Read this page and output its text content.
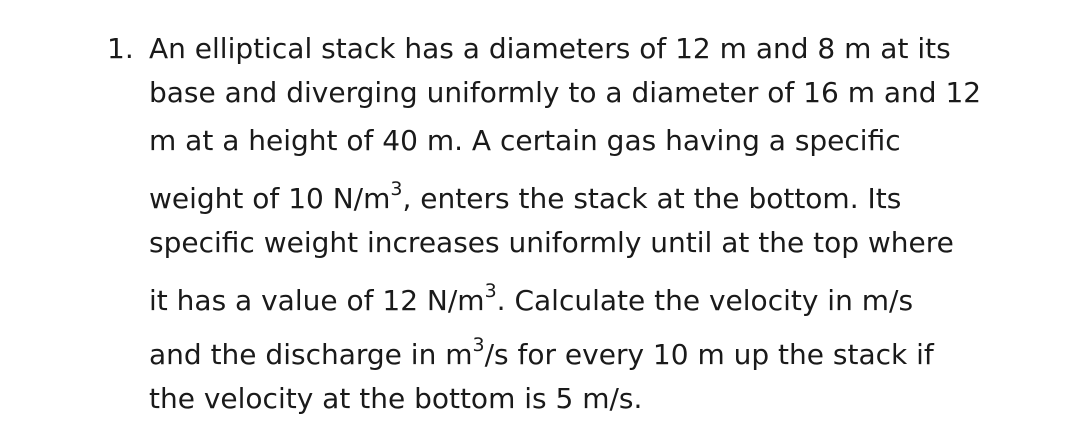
1. An elliptical stack has a diameters of 12 m and 8 m at its
base and diverging uniformly to a diameter of 16 m and 12
m at a height of 40 m. A certain gas having a specific
weight of 10 $N/m^3$, enters the stack at the bottom. Its
specific weight increases uniformly until at the top where
it has a value of 12 $N/m^3$. Calculate the velocity in m/s
and the discharge in $m^3/s$ for every 10 m up the stack if
the velocity at the bottom is 5 m/s.
